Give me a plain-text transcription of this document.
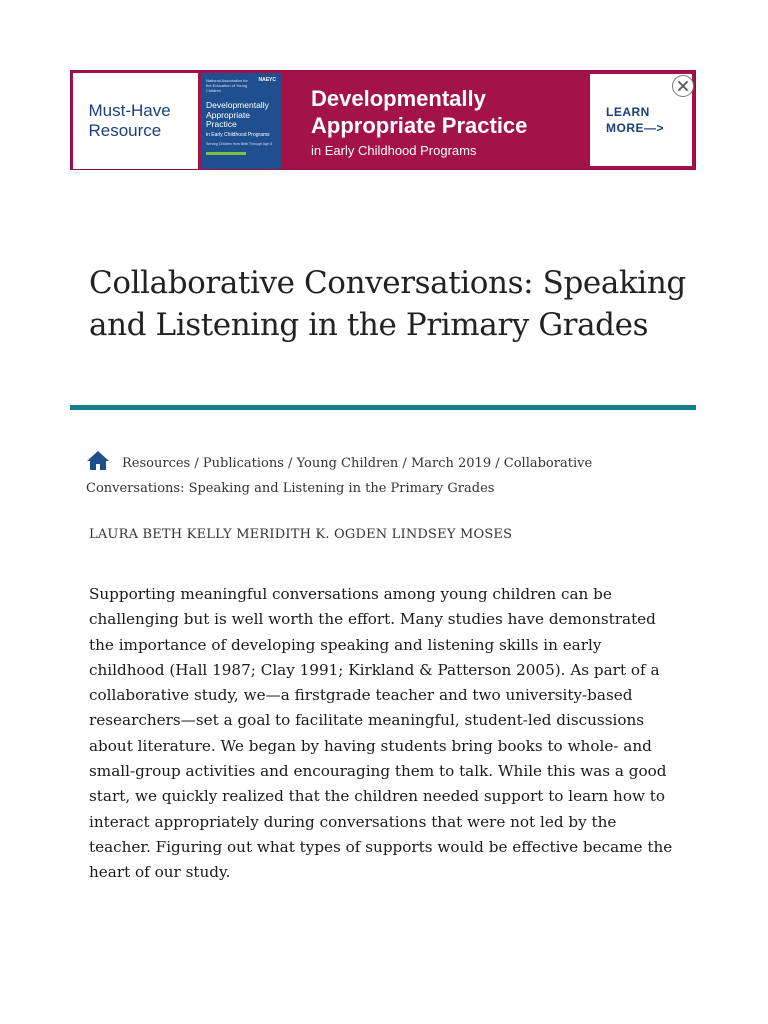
Must-Have Resource
National Association for the Education of Young Children
NAEYC
Developmentally Appropriate Practice
in Early Childhood Programs
Serving Children from Birth Through Age 8
Developmentally Appropriate Practice
in Early Childhood Programs
LEARN MORE—>
Collaborative Conversations: Speaking and Listening in the Primary Grades
Resources / Publications / Young Children / March 2019 / Collaborative Conversations: Speaking and Listening in the Primary Grades
LAURA BETH KELLY MERIDITH K. OGDEN LINDSEY MOSES

Supporting meaningful conversations among young children can be challenging but is well worth the effort. Many studies have demonstrated the importance of developing speaking and listening skills in early childhood (Hall 1987; Clay 1991; Kirkland & Patterson 2005). As part of a collaborative study, we—a firstgrade teacher and two university-based researchers—set a goal to facilitate meaningful, student-led discussions about literature. We began by having students bring books to whole- and small-group activities and encouraging them to talk. While this was a good start, we quickly realized that the children needed support to learn how to interact appropriately during conversations that were not led by the teacher. Figuring out what types of supports would be effective became the heart of our study.
